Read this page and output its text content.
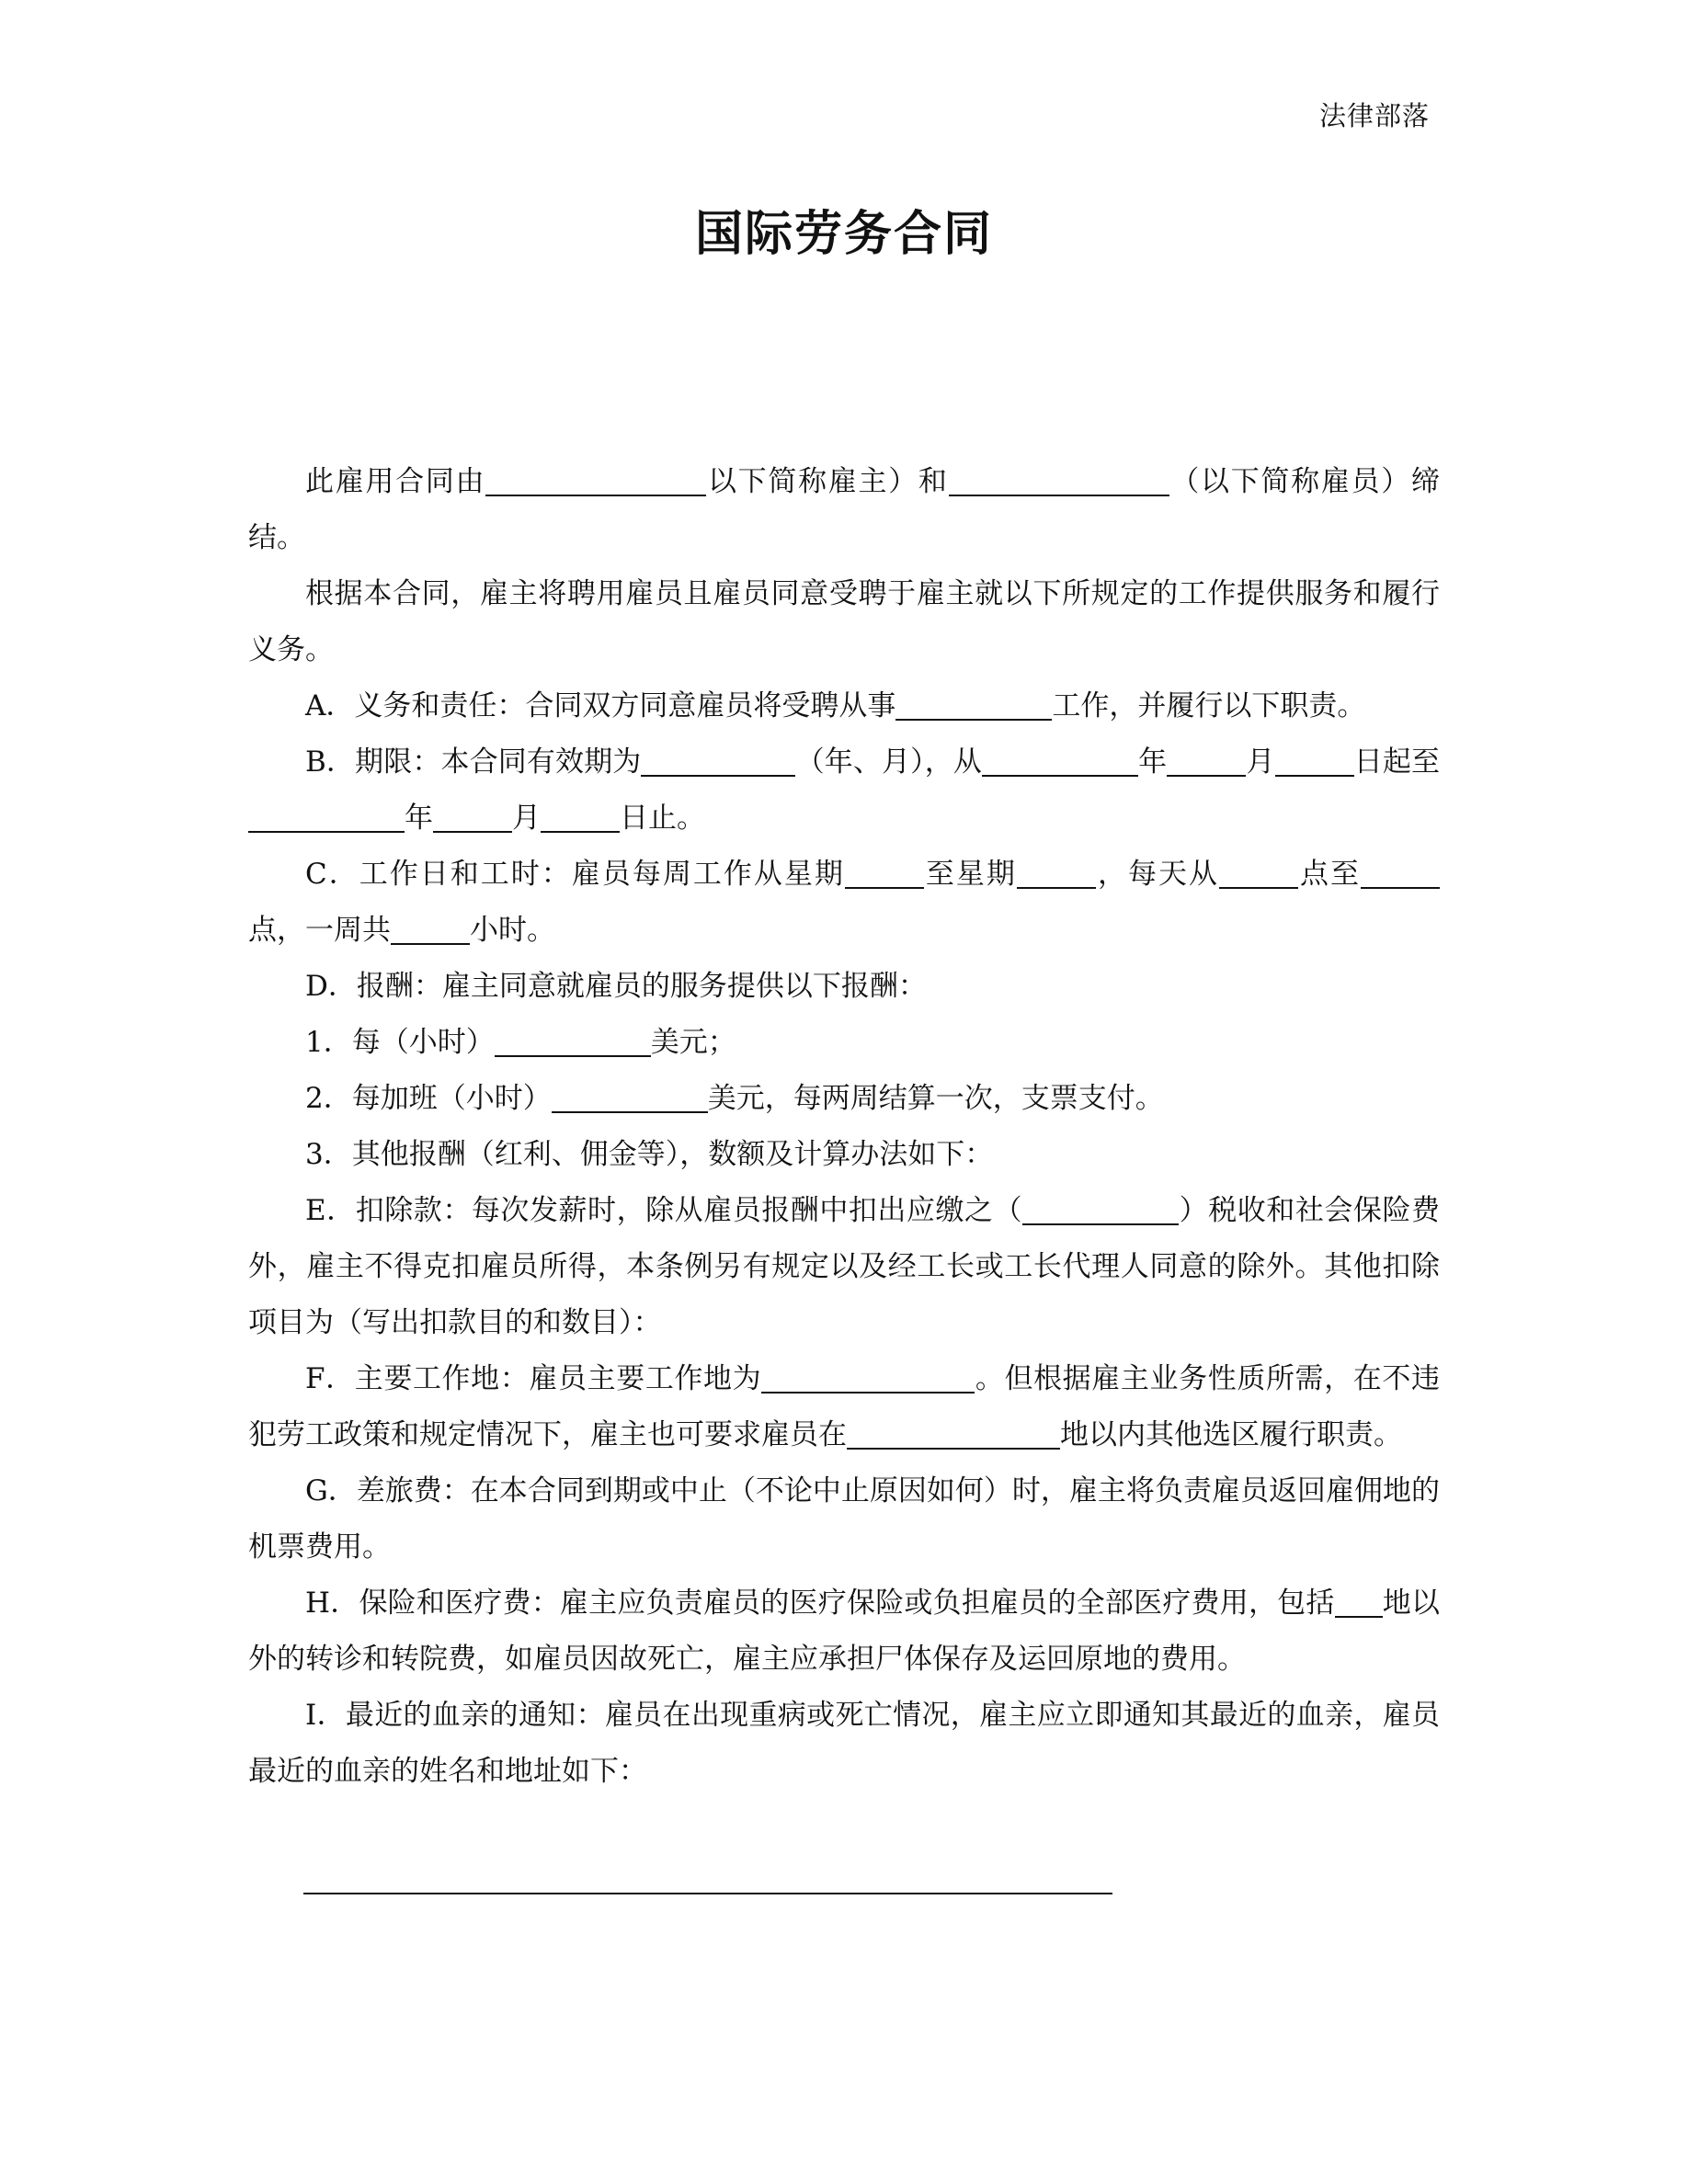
法律部落
国际劳务合同

此雇用合同由	以下简称雇主）和	（以下简称雇员）缔结。

根据本合同，雇主将聘用雇员且雇员同意受聘于雇主就以下所规定的工作提供服务和履行义务。

A．义务和责任：合同双方同意雇员将受聘从事	工作，并履行以下职责。

B．期限：本合同有效期为	（年、月），从	年	月	日起至年	月	日止。

C．工作日和工时：雇员每周工作从星期	至星期	，每天从	点至点，一周共	小时。

D．报酬：雇主同意就雇员的服务提供以下报酬：

1．每（小时）	美元；

2．每加班（小时）	美元，每两周结算一次，支票支付。

3．其他报酬（红利、佣金等），数额及计算办法如下：

E．扣除款：每次发薪时，除从雇员报酬中扣出应缴之（	）税收和社会保险费外，雇主不得克扣雇员所得，本条例另有规定以及经工长或工长代理人同意的除外。其他扣除项目为（写出扣款目的和数目）：

F．主要工作地：雇员主要工作地为	。但根据雇主业务性质所需，在不违犯劳工政策和规定情况下，雇主也可要求雇员在	地以内其他选区履行职责。

G．差旅费：在本合同到期或中止（不论中止原因如何）时，雇主将负责雇员返回雇佣地的机票费用。

H．保险和医疗费：雇主应负责雇员的医疗保险或负担雇员的全部医疗费用，包括 地以外的转诊和转院费，如雇员因故死亡，雇主应承担尸体保存及运回原地的费用。

I．最近的血亲的通知：雇员在出现重病或死亡情况，雇主应立即通知其最近的血亲，雇员最近的血亲的姓名和地址如下：
